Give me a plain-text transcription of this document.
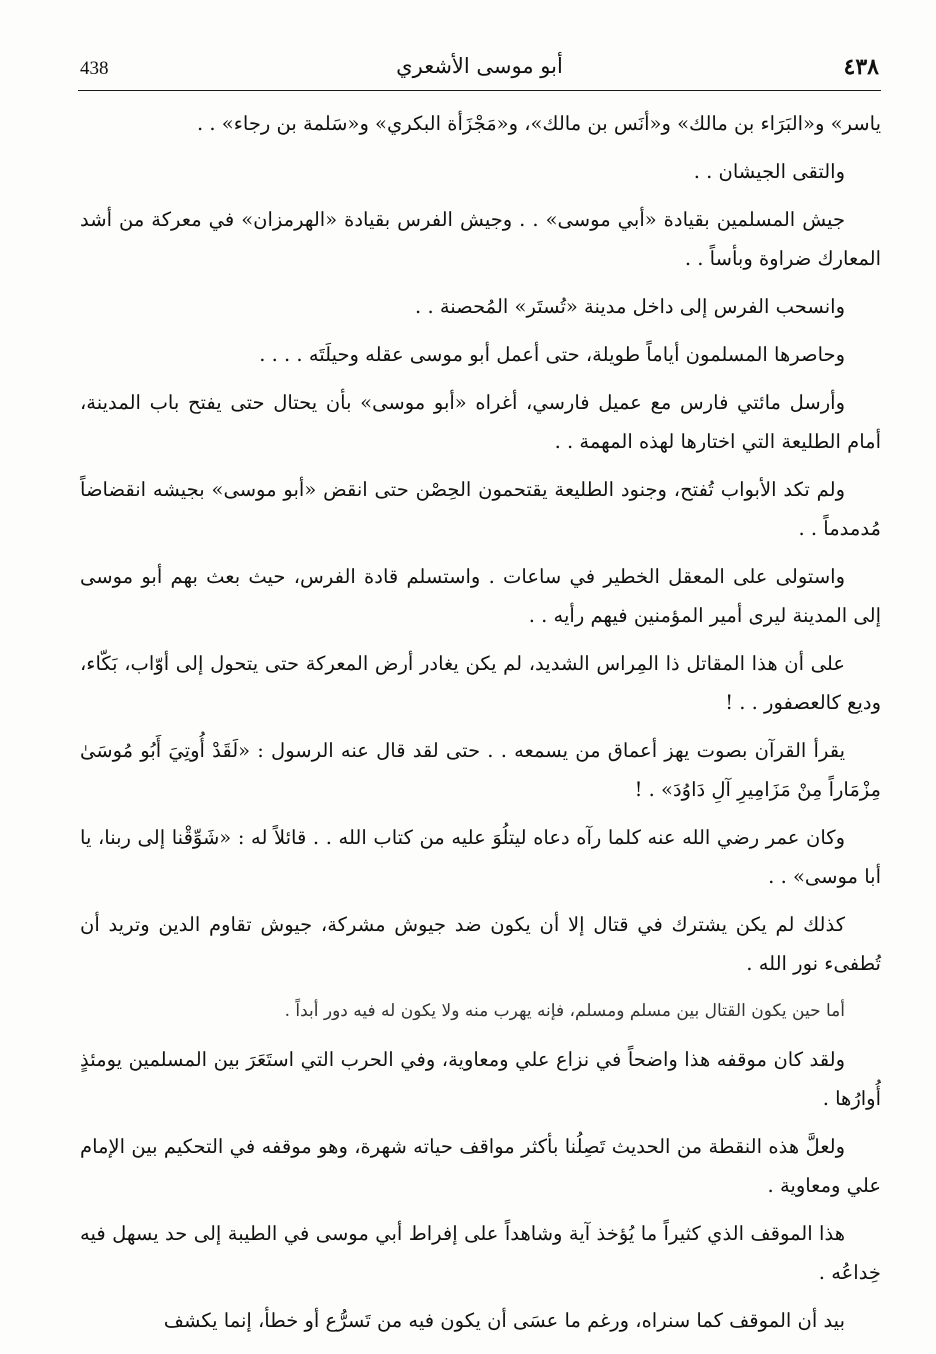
438	أبو موسى الأشعري	٤٣٨

ياسر» و«البَرَاء بن مالك» و«أنَس بن مالك»، و«مَجْزَأة البكري» و«سَلمة بن رجاء» . .

والتقى الجيشان . .

جيش المسلمين بقيادة «أبي موسى» . . وجيش الفرس بقيادة «الهرمزان» في معركة من أشد المعارك ضراوة وبأساً . .

وانسحب الفرس إلى داخل مدينة «تُستَر» المُحصنة . .

وحاصرها المسلمون أياماً طويلة، حتى أعمل أبو موسى عقله وحيلَتَه . . . .

وأرسل مائتي فارس مع عميل فارسي، أغراه «أبو موسى» بأن يحتال حتى يفتح باب المدينة، أمام الطليعة التي اختارها لهذه المهمة . .

ولم تكد الأبواب تُفتح، وجنود الطليعة يقتحمون الحِصْن حتى انقض «أبو موسى» بجيشه انقضاضاً مُدمدماً . .

واستولى على المعقل الخطير في ساعات . واستسلم قادة الفرس، حيث بعث بهم أبو موسى إلى المدينة ليرى أمير المؤمنين فيهم رأيه . .

على أن هذا المقاتل ذا المِراس الشديد، لم يكن يغادر أرض المعركة حتى يتحول إلى أوّاب، بَكّاء، وديع كالعصفور . . !

يقرأ القرآن بصوت يهز أعماق من يسمعه . . حتى لقد قال عنه الرسول : «لَقَدْ أُوتِيَ أَبُو مُوسَىٰ مِزْمَاراً مِنْ مَزَامِيرِ آلِ دَاوُدَ» . !

وكان عمر رضي الله عنه كلما رآه دعاه ليتلُوَ عليه من كتاب الله . . قائلاً له : «شَوِّقْنا إلى ربنا، يا أبا موسى» . .

كذلك لم يكن يشترك في قتال إلا أن يكون ضد جيوش مشركة، جيوش تقاوم الدين وتريد أن تُطفىء نور الله .

أما حين يكون القتال بين مسلم ومسلم، فإنه يهرب منه ولا يكون له فيه دور أبداً .

ولقد كان موقفه هذا واضحاً في نزاع علي ومعاوية، وفي الحرب التي استَعَرَ بين المسلمين يومئذٍ أُوارُها .

ولعلَّ هذه النقطة من الحديث تَصِلُنا بأكثر مواقف حياته شهرة، وهو موقفه في التحكيم بين الإمام علي ومعاوية .

هذا الموقف الذي كثيراً ما يُؤخذ آية وشاهداً على إفراط أبي موسى في الطيبة إلى حد يسهل فيه خِداعُه .

بيد أن الموقف كما سنراه، ورغم ما عسَى أن يكون فيه من تَسرُّع أو خطأ، إنما يكشف
